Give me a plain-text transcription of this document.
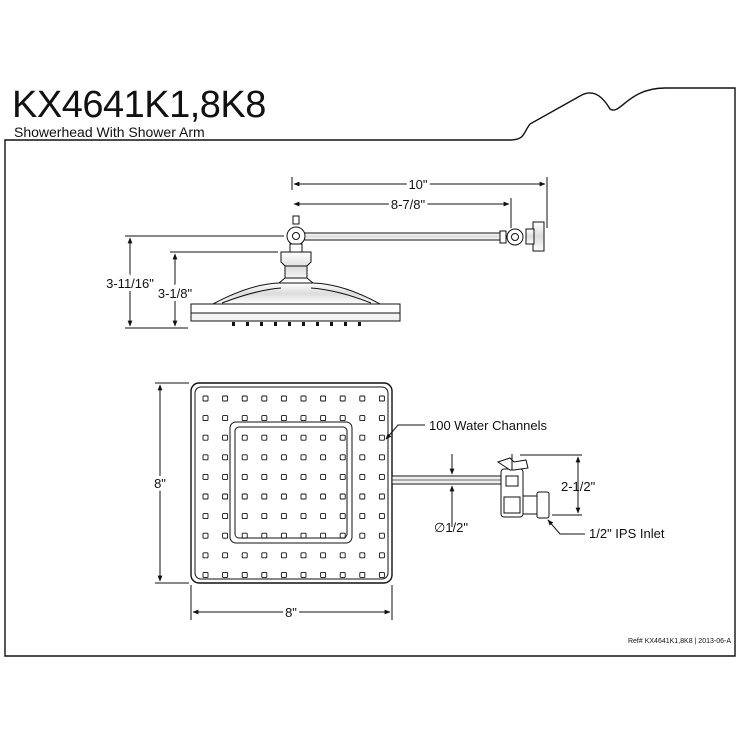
10"
8-7/8"
3-11/16"
3-1/8"
8"
8"
100 Water Channels
∅1/2"
2-1/2"
1/2" IPS Inlet
Ref# KX4641K1,8K8 | 2013-06-A
KX4641K1,8K8
Showerhead With Shower Arm
